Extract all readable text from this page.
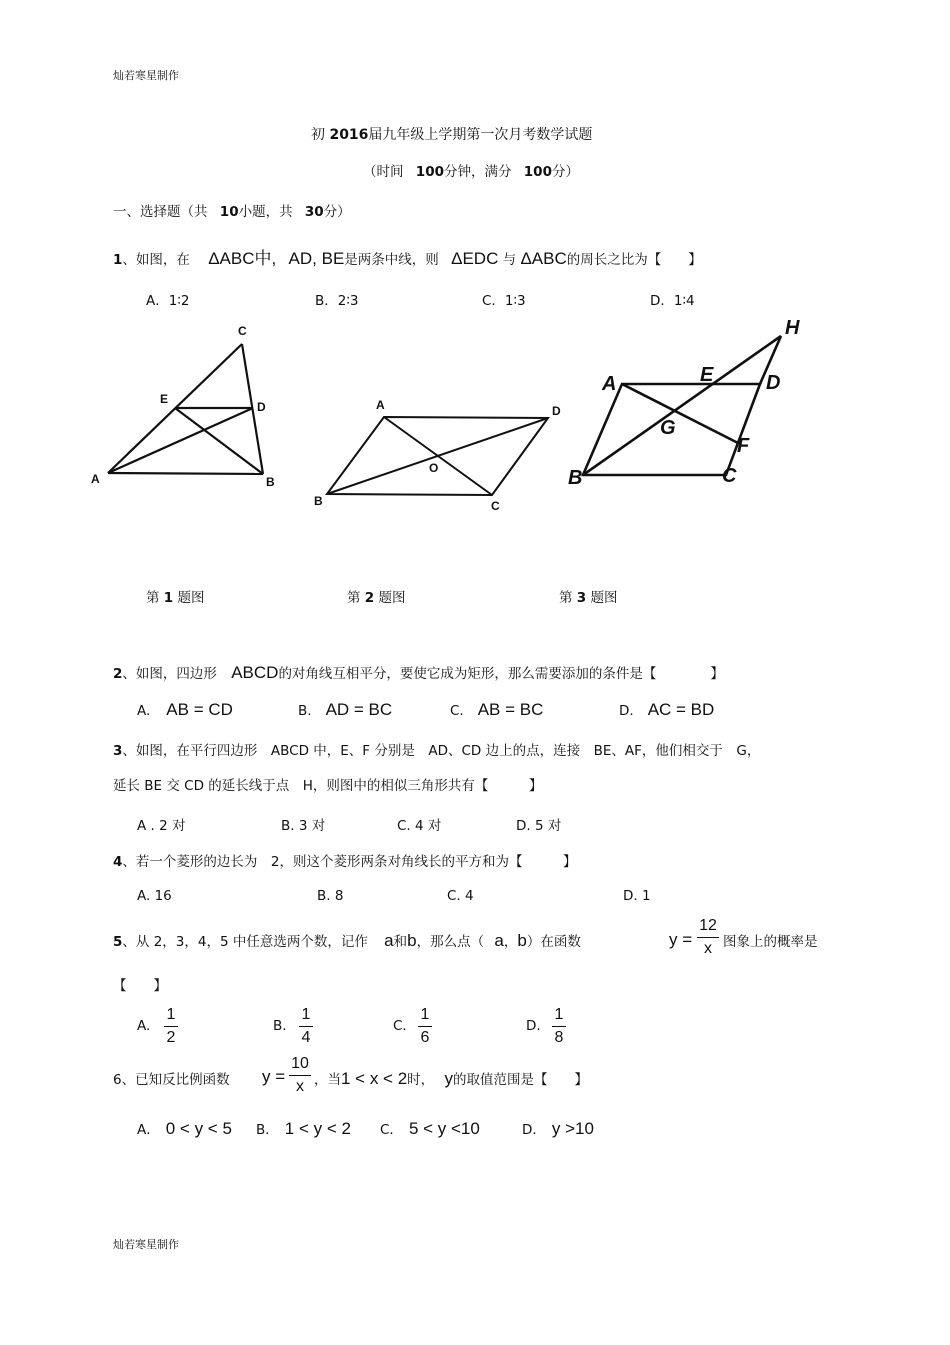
灿若寒星制作
初 2016届九年级上学期第一次月考数学试题
（时间 100分钟，满分 100分）
一、选择题（共 10小题，共 30分）
1、如图，在 ΔABC中, AD, BE是两条中线，则 ΔEDC 与 ΔABC的周长之比为【　　】
A．1∶2	B．2∶3	C．1∶3	D．1∶4
C
E
D
A	B
A	D
O
B	C
H
A	E	D
G
F
B	C
第 1 题图	第 2 题图	第 3 题图
2、如图，四边形 ABCD的对角线互相平分，要使它成为矩形，那么需要添加的条件是【　　　　】
A. AB = CD	B. AD = BC	C. AB = BC	D. AC = BD
3、如图，在平行四边形　ABCD 中，E、F 分别是　AD、CD 边上的点，连接　BE、AF，他们相交于　G，
延长 BE 交 CD 的延长线于点　H，则图中的相似三角形共有【　　　】
A . 2 对	B. 3 对	C. 4 对	D. 5 对
4、若一个菱形的边长为　2，则这个菱形两条对角线长的平方和为【　　　】
A. 16	B. 8	C. 4	D. 1
5、从 2，3，4，5 中任意选两个数，记作 a和b，那么点（ a，b）在函数	y =
12
x 图象上的概率是
【　　】
A.
1
2
B.
1
4
C.
1
6
D.
1
8
6、已知反比例函数 y =
10
x ，当1 < x < 2时， y的取值范围是【　　】
A． 0 < y < 5 B． 1 < y < 2 C． 5 < y <10	D． y >10
灿若寒星制作
